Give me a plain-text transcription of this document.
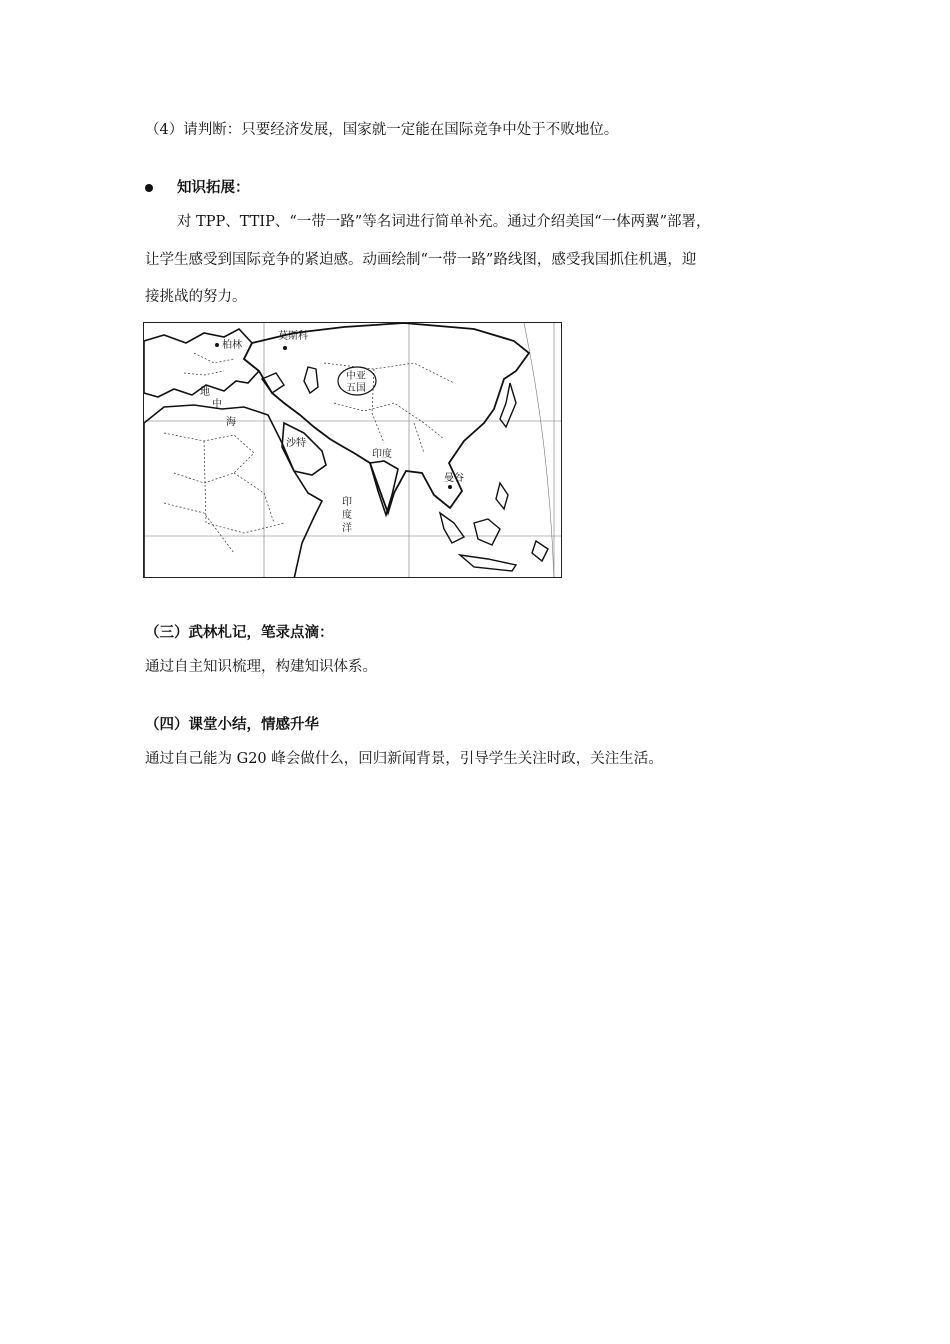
（4）请判断：只要经济发展，国家就一定能在国际竞争中处于不败地位。
知识拓展：
对 TPP、TTIP、“一带一路”等名词进行简单补充。通过介绍美国“一体两翼”部署，
让学生感受到国际竞争的紧迫感。动画绘制“一带一路”路线图，感受我国抓住机遇，迎
接挑战的努力。
柏林
莫斯科
中亚
五国
地
中
海
沙特
印度
曼谷
印
度
洋
（三）武林札记，笔录点滴：
通过自主知识梳理，构建知识体系。
（四）课堂小结，情感升华
通过自己能为 G20 峰会做什么，回归新闻背景，引导学生关注时政，关注生活。
